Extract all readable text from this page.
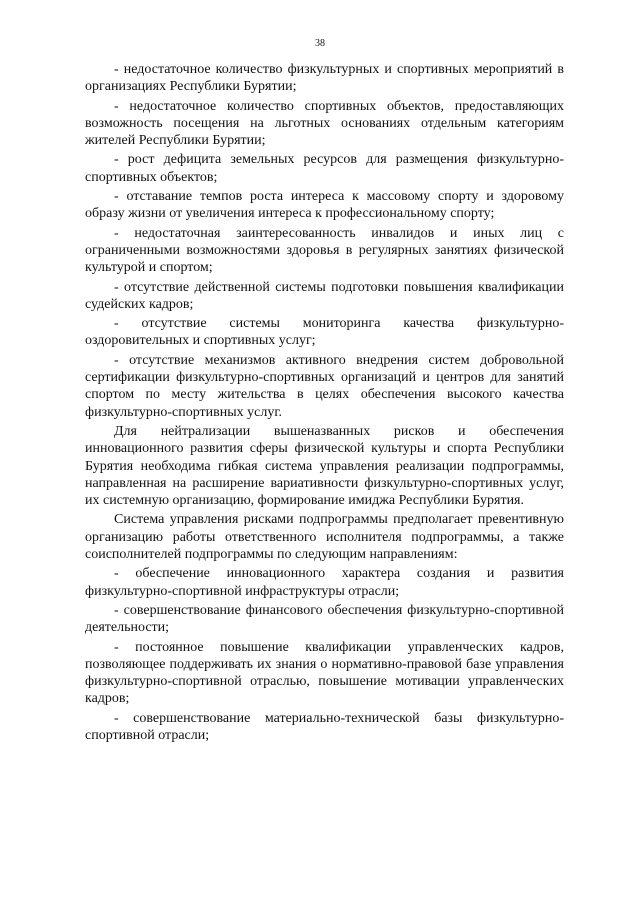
38

- недостаточное количество физкультурных и спортивных мероприятий в организациях Республики Бурятии;

- недостаточное количество спортивных объектов, предоставляющих возможность посещения на льготных основаниях отдельным категориям жителей Республики Бурятии;

- рост дефицита земельных ресурсов для размещения физкультурно-спортивных объектов;

- отставание темпов роста интереса к массовому спорту и здоровому образу жизни от увеличения интереса к профессиональному спорту;

- недостаточная заинтересованность инвалидов и иных лиц с ограниченными возможностями здоровья в регулярных занятиях физической культурой и спортом;

- отсутствие действенной системы подготовки повышения квалификации судейских кадров;

- отсутствие системы мониторинга качества физкультурно-оздоровительных и спортивных услуг;

- отсутствие механизмов активного внедрения систем добровольной сертификации физкультурно-спортивных организаций и центров для занятий спортом по месту жительства в целях обеспечения высокого качества физкультурно-спортивных услуг.

Для нейтрализации вышеназванных рисков и обеспечения инновационного развития сферы физической культуры и спорта Республики Бурятия необходима гибкая система управления реализации подпрограммы, направленная на расширение вариативности физкультурно-спортивных услуг, их системную организацию, формирование имиджа Республики Бурятия.

Система управления рисками подпрограммы предполагает превентивную организацию работы ответственного исполнителя подпрограммы, а также соисполнителей подпрограммы по следующим направлениям:

- обеспечение инновационного характера создания и развития физкультурно-спортивной инфраструктуры отрасли;

- совершенствование финансового обеспечения физкультурно-спортивной деятельности;

- постоянное повышение квалификации управленческих кадров, позволяющее поддерживать их знания о нормативно-правовой базе управления физкультурно-спортивной отраслью, повышение мотивации управленческих кадров;

- совершенствование материально-технической базы физкультурно-спортивной отрасли;
